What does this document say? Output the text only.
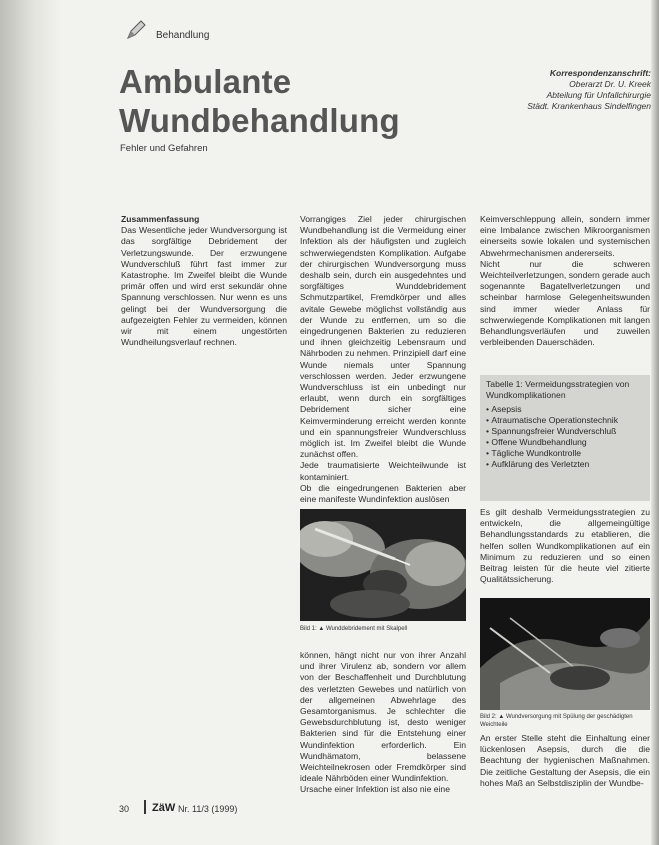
Behandlung
Ambulante
Wundbehandlung
Fehler und Gefahren
Korrespondenzanschrift:
Oberarzt Dr. U. Kreek
Abteilung für Unfallchirurgie
Städt. Krankenhaus Sindelfingen

Zusammenfassung

Das Wesentliche jeder Wundversorgung ist das sorgfältige Debridement der Verletzungswunde. Der erzwungene Wundverschluß führt fast immer zur Katastrophe. Im Zweifel bleibt die Wunde primär offen und wird erst sekundär ohne Spannung verschlossen. Nur wenn es uns gelingt bei der Wundversorgung die aufgezeigten Fehler zu vermeiden, können wir mit einem ungestörten Wundheilungsverlauf rechnen.

Vorrangiges Ziel jeder chirurgischen Wundbehandlung ist die Vermeidung einer Infektion als der häufigsten und zugleich schwerwiegendsten Komplikation. Aufgabe der chirurgischen Wundversorgung muss deshalb sein, durch ein ausgedehntes und sorgfältiges Wunddebridement Schmutzpartikel, Fremdkörper und alles avitale Gewebe möglichst vollständig aus der Wunde zu entfernen, um so die eingedrungenen Bakterien zu reduzieren und ihnen gleichzeitig Lebensraum und Nährboden zu nehmen. Prinzipiell darf eine Wunde niemals unter Spannung verschlossen werden. Jeder erzwungene Wundverschluss ist ein unbedingt nur erlaubt, wenn durch ein sorgfältiges Debridement sicher eine Keimverminderung erreicht werden konnte und ein spannungsfreier Wundverschluss möglich ist. Im Zweifel bleibt die Wunde zunächst offen.

Jede traumatisierte Weichteilwunde ist kontaminiert.

Ob die eingedrungenen Bakterien aber eine manifeste Wundinfektion auslösen

Bild 1: ▲ Wunddebridement mit Skalpell

können, hängt nicht nur von ihrer Anzahl und ihrer Virulenz ab, sondern vor allem von der Beschaffenheit und Durchblutung des verletzten Gewebes und natürlich von der allgemeinen Abwehrlage des Gesamtorganismus. Je schlechter die Gewebsdurchblutung ist, desto weniger Bakterien sind für die Entstehung einer Wundinfektion erforderlich. Ein Wundhämatom, belassene Weichteilnekrosen oder Fremdkörper sind ideale Nährböden einer Wundinfektion.

Ursache einer Infektion ist also nie eine

Keimverschleppung allein, sondern immer eine Imbalance zwischen Mikroorganismen einerseits sowie lokalen und systemischen Abwehrmechanismen andererseits.

Nicht nur die schweren Weichteilverletzungen, sondern gerade auch sogenannte Bagatellverletzungen und scheinbar harmlose Gelegenheitswunden sind immer wieder Anlass für schwerwiegende Komplikationen mit langen Behandlungsverläufen und zuweilen verbleibenden Dauerschäden.

Tabelle 1: Vermeidungsstrategien von Wundkomplikationen
• Asepsis
• Atraumatische Operationstechnik
• Spannungsfreier Wundverschluß
• Offene Wundbehandlung
• Tägliche Wundkontrolle
• Aufklärung des Verletzten

Es gilt deshalb Vermeidungsstrategien zu entwickeln, die allgemeingültige Behandlungsstandards zu etablieren, die helfen sollen Wundkomplikationen auf ein Minimum zu reduzieren und so einen Beitrag leisten für die heute viel zitierte Qualitätssicherung.

Bild 2: ▲ Wundversorgung mit Spülung der geschädigten Weichteile

An erster Stelle steht die Einhaltung einer lückenlosen Asepsis, durch die die Beachtung der hygienischen Maßnahmen. Die zeitliche Gestaltung der Asepsis, die ein hohes Maß an Selbstdisziplin der Wundbe-

30 ZäW Nr. 11/3 (1999)
